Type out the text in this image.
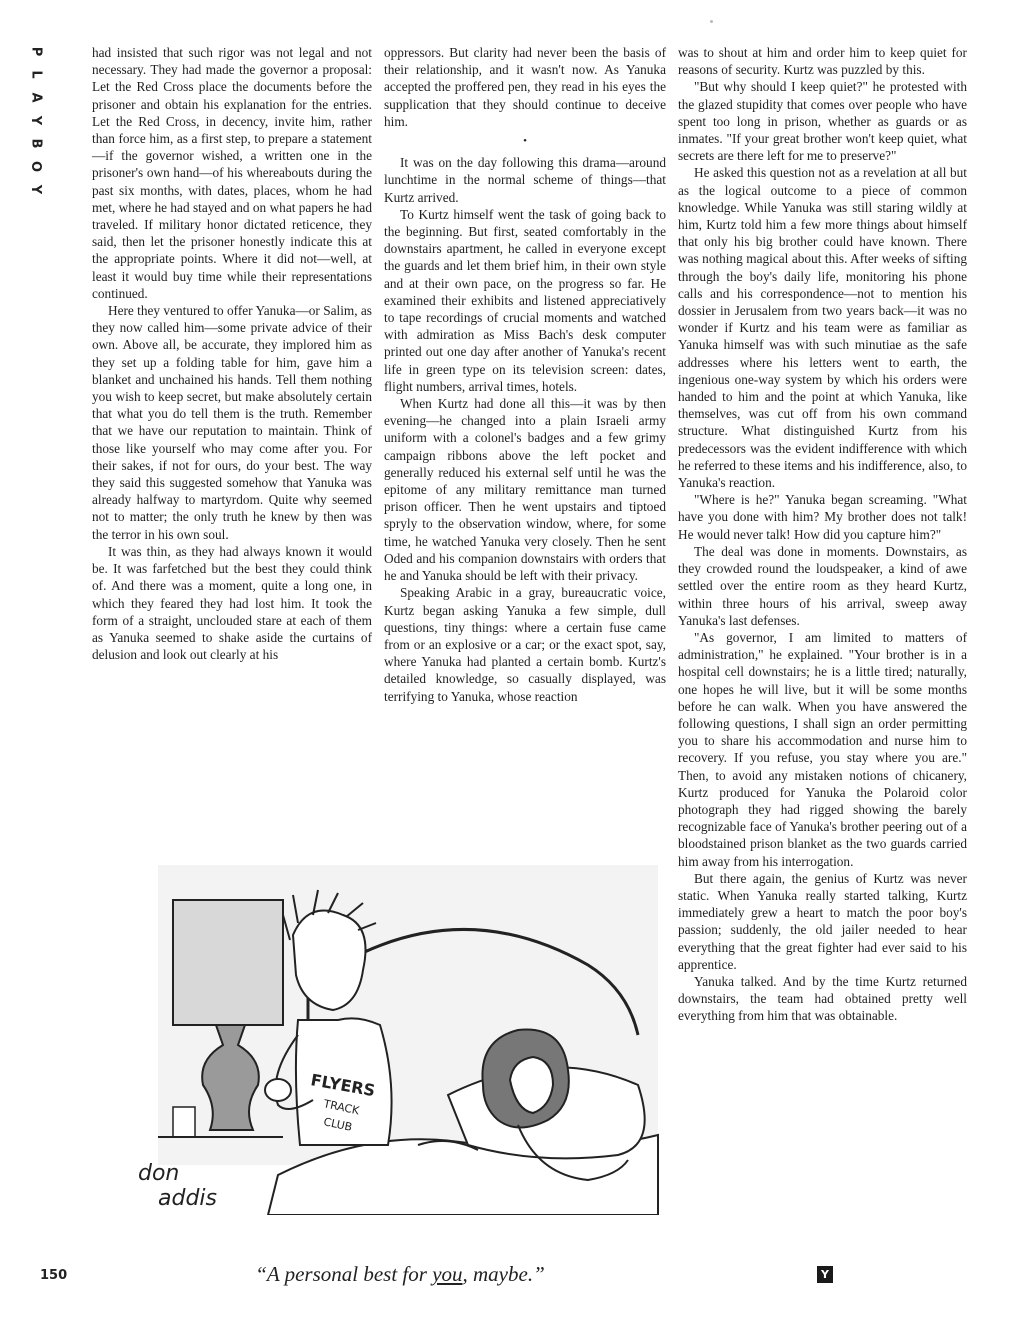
P
L
A
Y
B
O
Y

had insisted that such rigor was not legal and not necessary. They had made the governor a proposal: Let the Red Cross place the documents before the prisoner and obtain his explanation for the entries. Let the Red Cross, in decency, invite him, rather than force him, as a first step, to prepare a statement—if the governor wished, a written one in the prisoner's own hand—of his whereabouts during the past six months, with dates, places, whom he had met, where he had stayed and on what papers he had traveled. If military honor dictated reticence, they said, then let the prisoner honestly indicate this at the appropriate points. Where it did not—well, at least it would buy time while their representations continued.

Here they ventured to offer Yanuka—or Salim, as they now called him—some private advice of their own. Above all, be accurate, they implored him as they set up a folding table for him, gave him a blanket and unchained his hands. Tell them nothing you wish to keep secret, but make absolutely certain that what you do tell them is the truth. Remember that we have our reputation to maintain. Think of those like yourself who may come after you. For their sakes, if not for ours, do your best. The way they said this suggested somehow that Yanuka was already halfway to martyrdom. Quite why seemed not to matter; the only truth he knew by then was the terror in his own soul.

It was thin, as they had always known it would be. It was farfetched but the best they could think of. And there was a moment, quite a long one, in which they feared they had lost him. It took the form of a straight, unclouded stare at each of them as Yanuka seemed to shake aside the curtains of delusion and look out clearly at his

oppressors. But clarity had never been the basis of their relationship, and it wasn't now. As Yanuka accepted the proffered pen, they read in his eyes the supplication that they should continue to deceive him.

•

It was on the day following this drama—around lunchtime in the normal scheme of things—that Kurtz arrived.

To Kurtz himself went the task of going back to the beginning. But first, seated comfortably in the downstairs apartment, he called in everyone except the guards and let them brief him, in their own style and at their own pace, on the progress so far. He examined their exhibits and listened appreciatively to tape recordings of crucial moments and watched with admiration as Miss Bach's desk computer printed out one day after another of Yanuka's recent life in green type on its television screen: dates, flight numbers, arrival times, hotels.

When Kurtz had done all this—it was by then evening—he changed into a plain Israeli army uniform with a colonel's badges and a few grimy campaign ribbons above the left pocket and generally reduced his external self until he was the epitome of any military remittance man turned prison officer. Then he went upstairs and tiptoed spryly to the observation window, where, for some time, he watched Yanuka very closely. Then he sent Oded and his companion downstairs with orders that he and Yanuka should be left with their privacy.

Speaking Arabic in a gray, bureaucratic voice, Kurtz began asking Yanuka a few simple, dull questions, tiny things: where a certain fuse came from or an explosive or a car; or the exact spot, say, where Yanuka had planted a certain bomb. Kurtz's detailed knowledge, so casually displayed, was terrifying to Yanuka, whose reaction

was to shout at him and order him to keep quiet for reasons of security. Kurtz was puzzled by this.

"But why should I keep quiet?" he protested with the glazed stupidity that comes over people who have spent too long in prison, whether as guards or as inmates. "If your great brother won't keep quiet, what secrets are there left for me to preserve?"

He asked this question not as a revelation at all but as the logical outcome to a piece of common knowledge. While Yanuka was still staring wildly at him, Kurtz told him a few more things about himself that only his big brother could have known. There was nothing magical about this. After weeks of sifting through the boy's daily life, monitoring his phone calls and his correspondence—not to mention his dossier in Jerusalem from two years back—it was no wonder if Kurtz and his team were as familiar as Yanuka himself was with such minutiae as the safe addresses where his letters went to earth, the ingenious one-way system by which his orders were handed to him and the point at which Yanuka, like themselves, was cut off from his own command structure. What distinguished Kurtz from his predecessors was the evident indifference with which he referred to these items and his indifference, also, to Yanuka's reaction.

"Where is he?" Yanuka began screaming. "What have you done with him? My brother does not talk! He would never talk! How did you capture him?"

The deal was done in moments. Downstairs, as they crowded round the loudspeaker, a kind of awe settled over the entire room as they heard Kurtz, within three hours of his arrival, sweep away Yanuka's last defenses.

"As governor, I am limited to matters of administration," he explained. "Your brother is in a hospital cell downstairs; he is a little tired; naturally, one hopes he will live, but it will be some months before he can walk. When you have answered the following questions, I shall sign an order permitting you to share his accommodation and nurse him to recovery. If you refuse, you stay where you are." Then, to avoid any mistaken notions of chicanery, Kurtz produced for Yanuka the Polaroid color photograph they had rigged showing the barely recognizable face of Yanuka's brother peering out of a bloodstained prison blanket as the two guards carried him away from his interrogation.

But there again, the genius of Kurtz was never static. When Yanuka really started talking, Kurtz immediately grew a heart to match the poor boy's passion; suddenly, the old jailer needed to hear everything that the great fighter had ever said to his apprentice.

Yanuka talked. And by the time Kurtz returned downstairs, the team had obtained pretty well everything from him that was obtainable.

FLYERS
TRACK
CLUB
don
addis
“A personal best for you, maybe.”
150	Y
